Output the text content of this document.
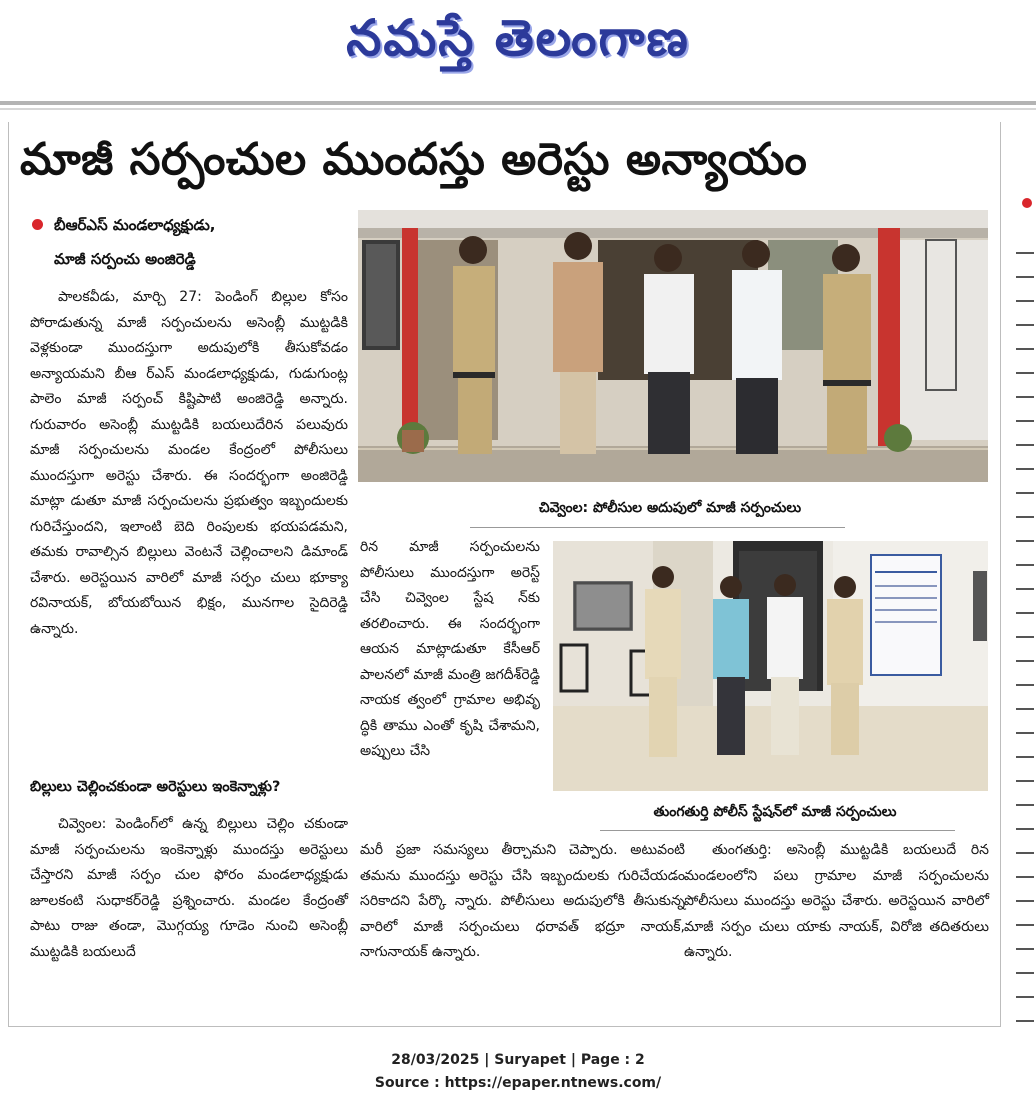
నమస్తే తెలంగాణ
మాజీ సర్పంచుల ముందస్తు అరెస్టు అన్యాయం
బీఆర్ఎస్ మండలాధ్యక్షుడు,
మాజీ సర్పంచు అంజిరెడ్డి

పాలకవీడు, మార్చి 27: పెండింగ్ బిల్లుల కోసం పోరాడుతున్న మాజీ సర్పంచులను అసెంబ్లీ ముట్టడికి వెళ్లకుండా ముందస్తుగా అదుపులోకి తీసుకోవడం అన్యాయమని బీఆ ర్ఎస్ మండలాధ్యక్షుడు, గుడుగుంట్ల పాలెం మాజీ సర్పంచ్ కిష్టిపాటి అంజిరెడ్డి అన్నారు. గురువారం అసెంబ్లీ ముట్టడికి బయలుదేరిన పలువురు మాజీ సర్పంచులను మండల కేంద్రంలో పోలీసులు ముందస్తుగా అరెస్టు చేశారు. ఈ సందర్భంగా అంజిరెడ్డి మాట్లా డుతూ మాజీ సర్పంచులను ప్రభుత్వం ఇబ్బందులకు గురిచేస్తుందని, ఇలాంటి బెది రింపులకు భయపడమని, తమకు రావాల్సిన బిల్లులు వెంటనే చెల్లించాలని డిమాండ్ చేశారు. అరెస్టయిన వారిలో మాజీ సర్పం చులు భూక్యా రవినాయక్, బోయబోయిన భిక్షం, మునగాల సైదిరెడ్డి ఉన్నారు.

బిల్లులు చెల్లించకుండా అరెస్టులు ఇంకెన్నాళ్లు?

చివ్వెంల: పెండింగ్‌లో ఉన్న బిల్లులు చెల్లిం చకుండా మాజీ సర్పంచులను ఇంకెన్నాళ్లు ముందస్తు అరెస్టులు చేస్తారని మాజీ సర్పం చుల ఫోరం మండలాధ్యక్షుడు జూలకంటి సుధాకర్‌రెడ్డి ప్రశ్నించారు. మండల కేంద్రంతో పాటు రాజు తండా, మొగ్గయ్య గూడెం నుంచి అసెంబ్లీ ముట్టడికి బయలుదే

రిన మాజీ సర్పంచులను పోలీసులు ముందస్తుగా అరెస్ట్ చేసి చివ్వెంల స్టేష న్‌కు తరలించారు. ఈ సందర్భంగా ఆయన మాట్లాడుతూ కేసీఆర్ పాలనలో మాజీ మంత్రి జగదీశ్‌రెడ్డి నాయక త్వంలో గ్రామాల అభివృ ద్ధికి తాము ఎంతో కృషి చేశామని, అప్పులు చేసి

మరీ ప్రజా సమస్యలు తీర్చామని చెప్పారు. అటువంటి తమను ముందస్తు అరెస్టు చేసి ఇబ్బందులకు గురిచేయడం సరికాదని పేర్కొ న్నారు. పోలీసులు అదుపులోకి తీసుకున్న వారిలో మాజీ సర్పంచులు ధరావత్ భద్రూ నాయక్, నాగునాయక్ ఉన్నారు.

తుంగతుర్తి: అసెంబ్లీ ముట్టడికి బయలుదే రిన మండలంలోని పలు గ్రామాల మాజీ సర్పంచులను పోలీసులు ముందస్తు అరెస్టు చేశారు. అరెస్టయిన వారిలో మాజీ సర్పం చులు యాకు నాయక్, విరోజి తదితరులు ఉన్నారు.

చివ్వెంల: పోలీసుల అదుపులో మాజీ సర్పంచులు
తుంగతుర్తి పోలీస్ స్టేషన్‌లో మాజీ సర్పంచులు
28/03/2025 | Suryapet | Page : 2
Source : https://epaper.ntnews.com/
